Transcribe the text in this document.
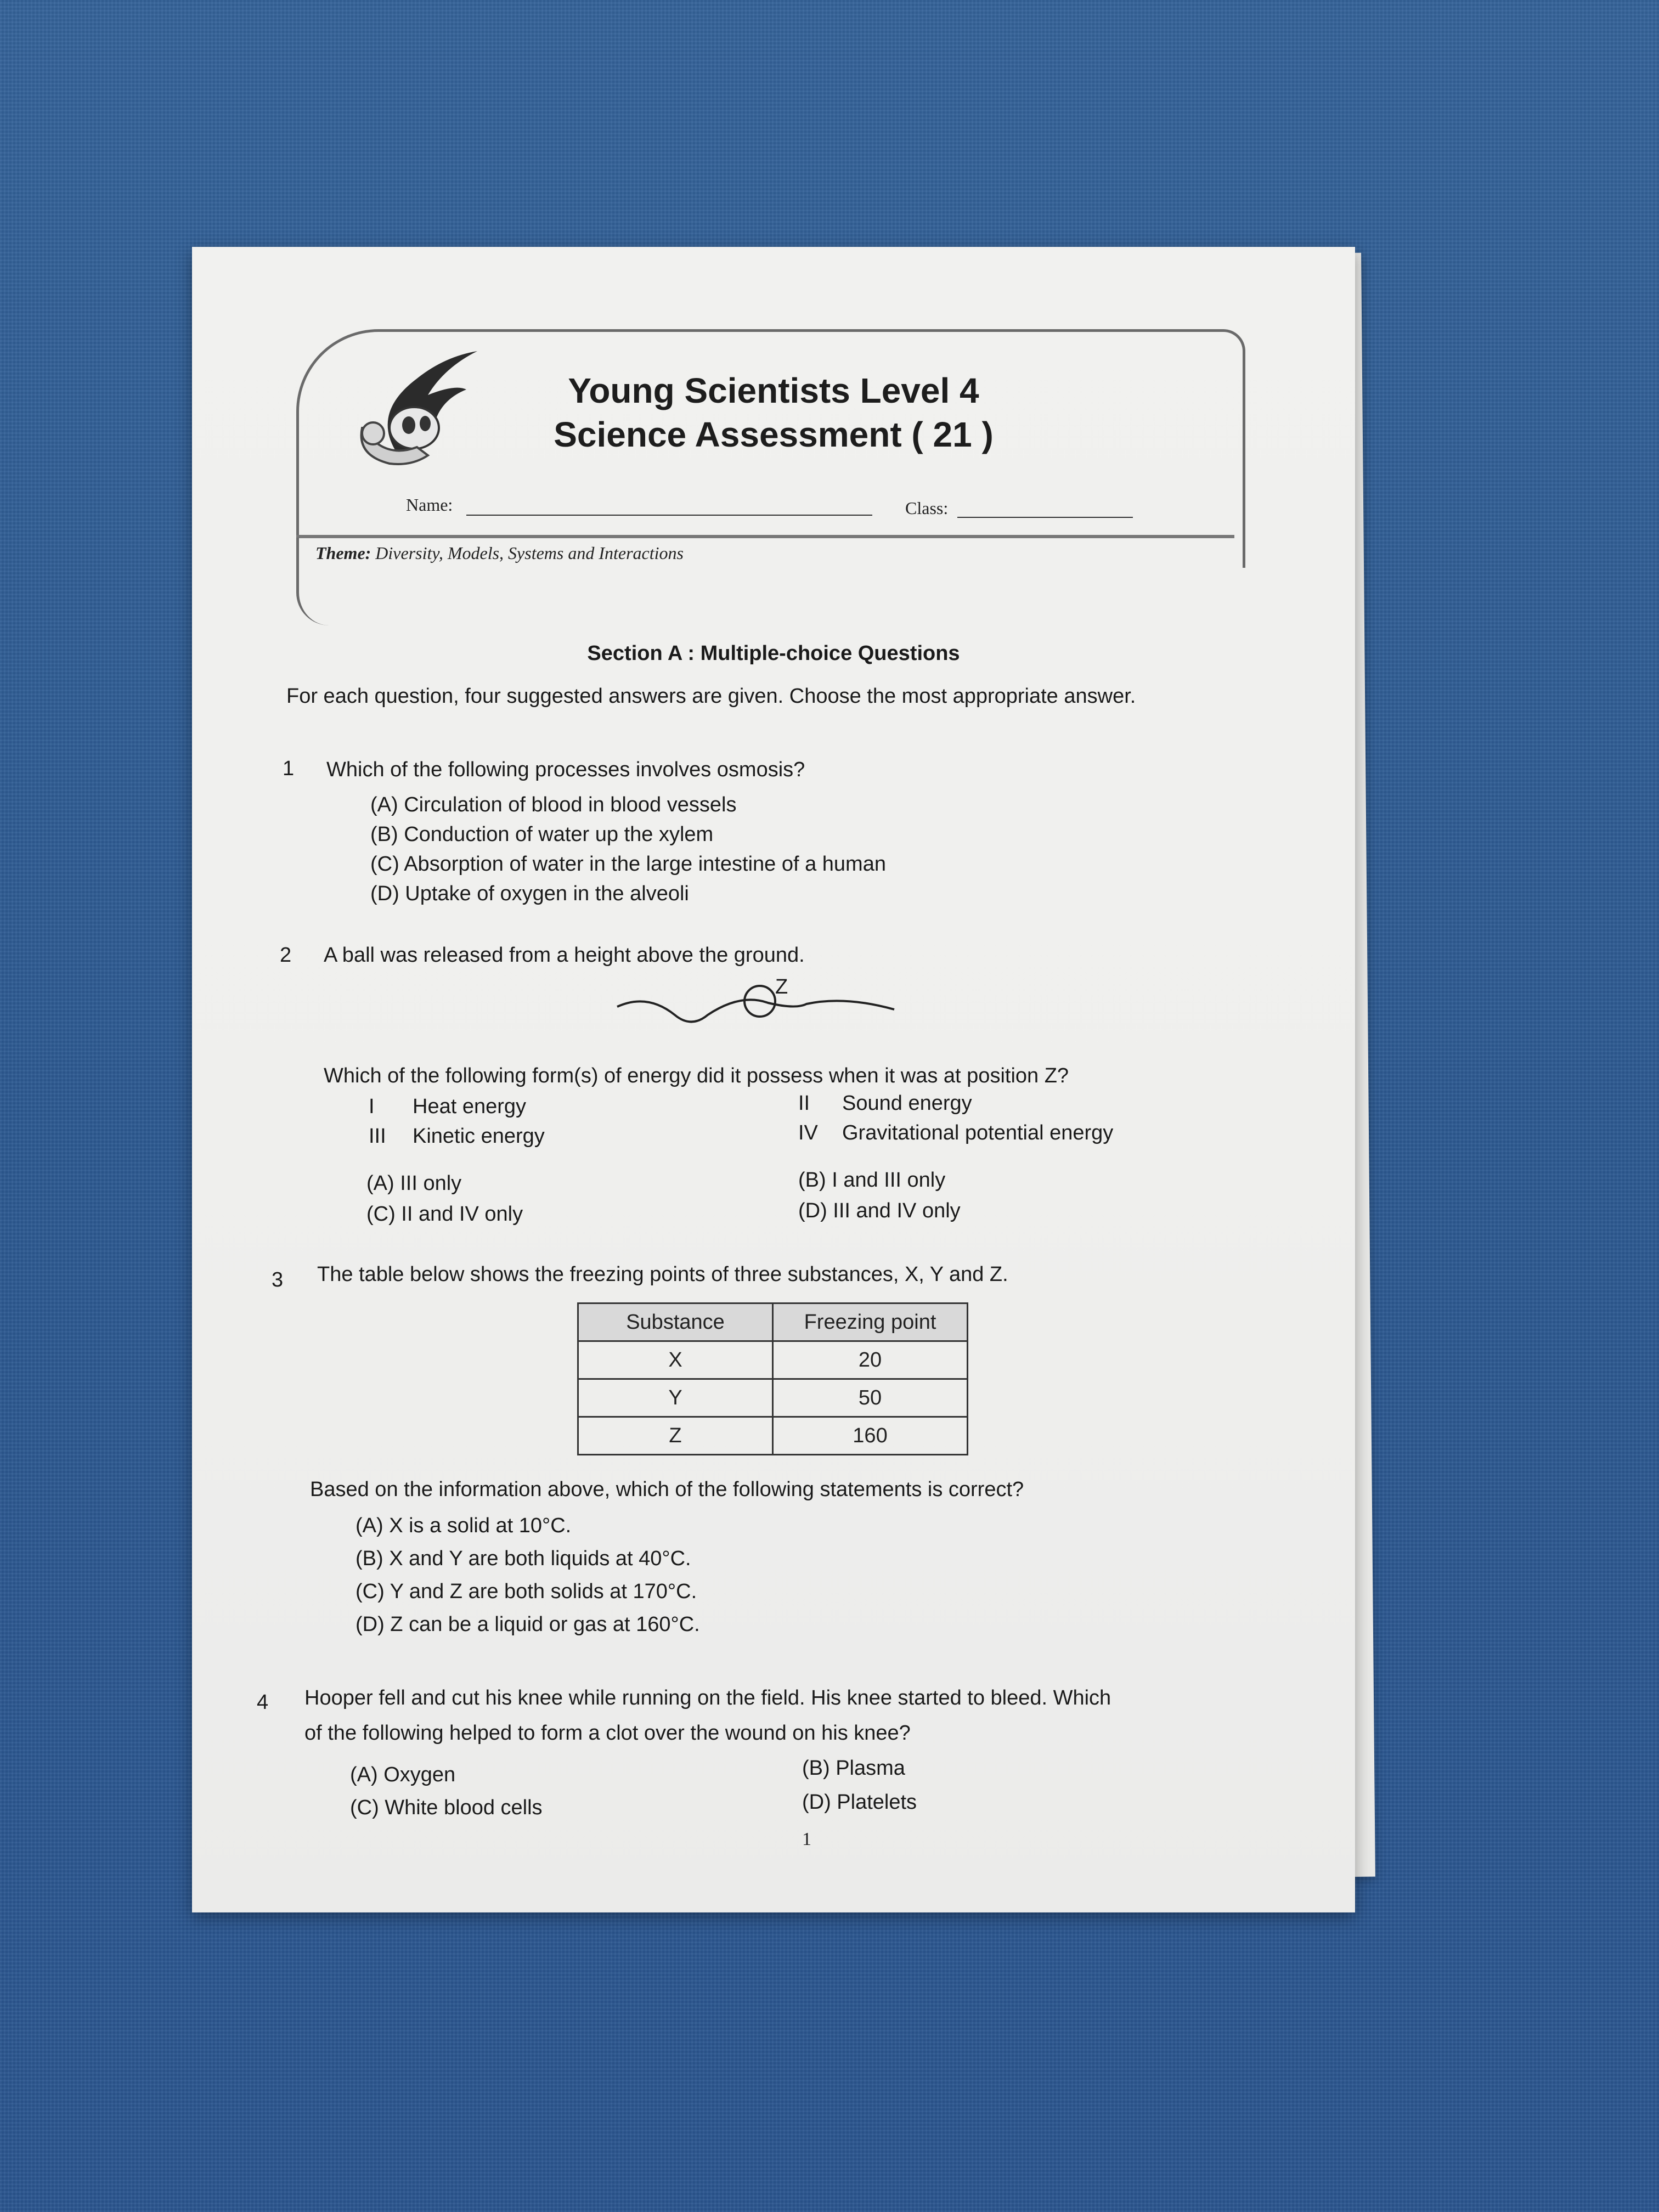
Young Scientists Level 4
Science Assessment ( 21 )
Name:	Class:
Theme: Diversity, Models, Systems and Interactions
Section A : Multiple-choice Questions
For each question, four suggested answers are given. Choose the most appropriate answer.
1 Which of the following processes involves osmosis?
(A) Circulation of blood in blood vessels
(B) Conduction of water up the xylem
(C) Absorption of water in the large intestine of a human
(D) Uptake of oxygen in the alveoli
2 A ball was released from a height above the ground.
Z
Which of the following form(s) of energy did it possess when it was at position Z?
I Heat energy	II Sound energy
III Kinetic energy	IV Gravitational potential energy
(A) III only	(B) I and III only
(C) II and IV only	(D) III and IV only
3 The table below shows the freezing points of three substances, X, Y and Z.
Substance	Freezing point
X	20
Y	50
Z	160
Based on the information above, which of the following statements is correct?
(A) X is a solid at 10°C.
(B) X and Y are both liquids at 40°C.
(C) Y and Z are both solids at 170°C.
(D) Z can be a liquid or gas at 160°C.
4 Hooper fell and cut his knee while running on the field. His knee started to bleed. Which
of the following helped to form a clot over the wound on his knee?
(A) Oxygen	(B) Plasma
(C) White blood cells	(D) Platelets
1
